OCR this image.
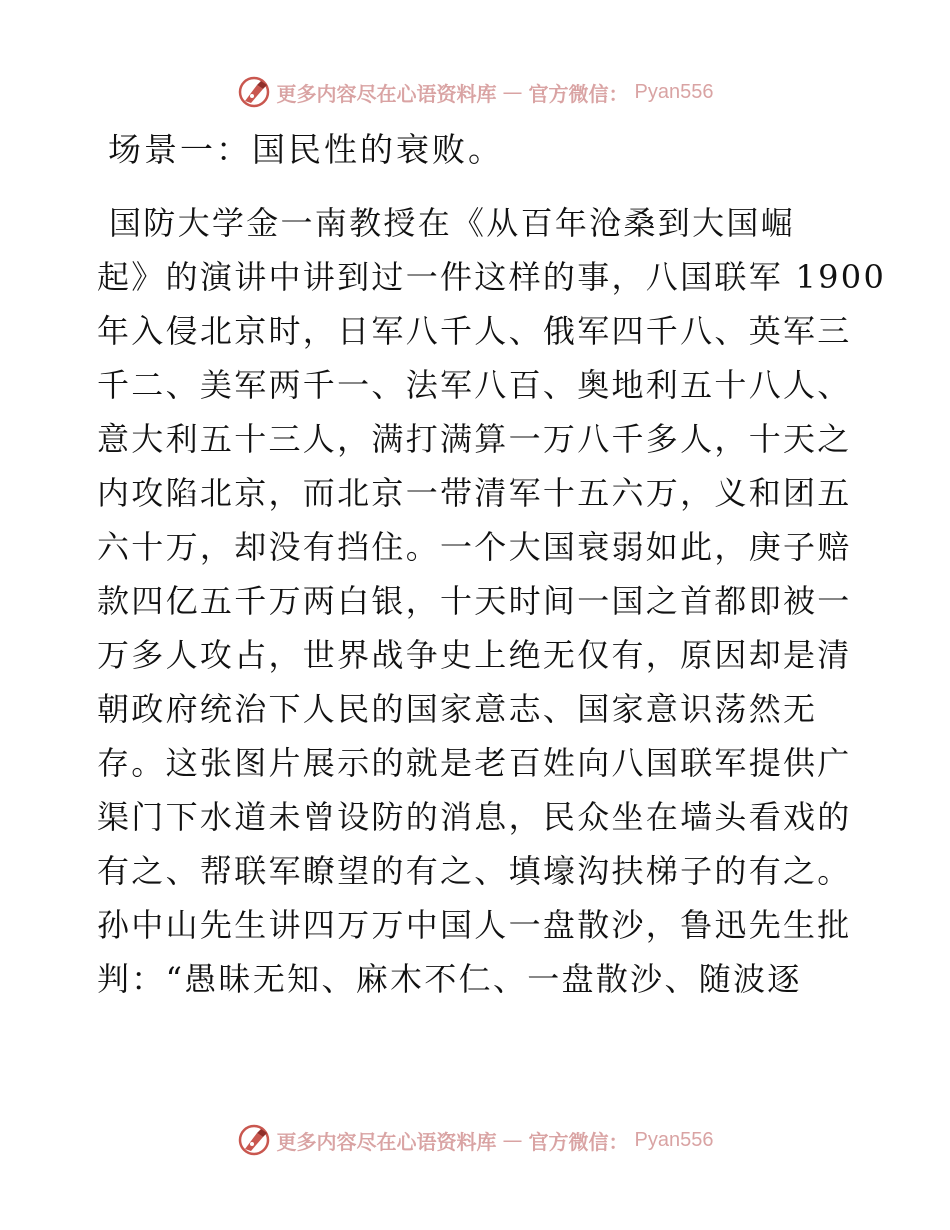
更多内容尽在心语资料库 — 官方微信： Pyan556
场景一：国民性的衰败。
国防大学金一南教授在《从百年沧桑到大国崛
起》的演讲中讲到过一件这样的事，八国联军 1900
年入侵北京时，日军八千人、俄军四千八、英军三
千二、美军两千一、法军八百、奥地利五十八人、
意大利五十三人，满打满算一万八千多人，十天之
内攻陷北京，而北京一带清军十五六万，义和团五
六十万，却没有挡住。一个大国衰弱如此，庚子赔
款四亿五千万两白银，十天时间一国之首都即被一
万多人攻占，世界战争史上绝无仅有，原因却是清
朝政府统治下人民的国家意志、国家意识荡然无
存。这张图片展示的就是老百姓向八国联军提供广
渠门下水道未曾设防的消息，民众坐在墙头看戏的
有之、帮联军瞭望的有之、填壕沟扶梯子的有之。
孙中山先生讲四万万中国人一盘散沙，鲁迅先生批
判：“愚昧无知、麻木不仁、一盘散沙、随波逐
更多内容尽在心语资料库 — 官方微信： Pyan556
